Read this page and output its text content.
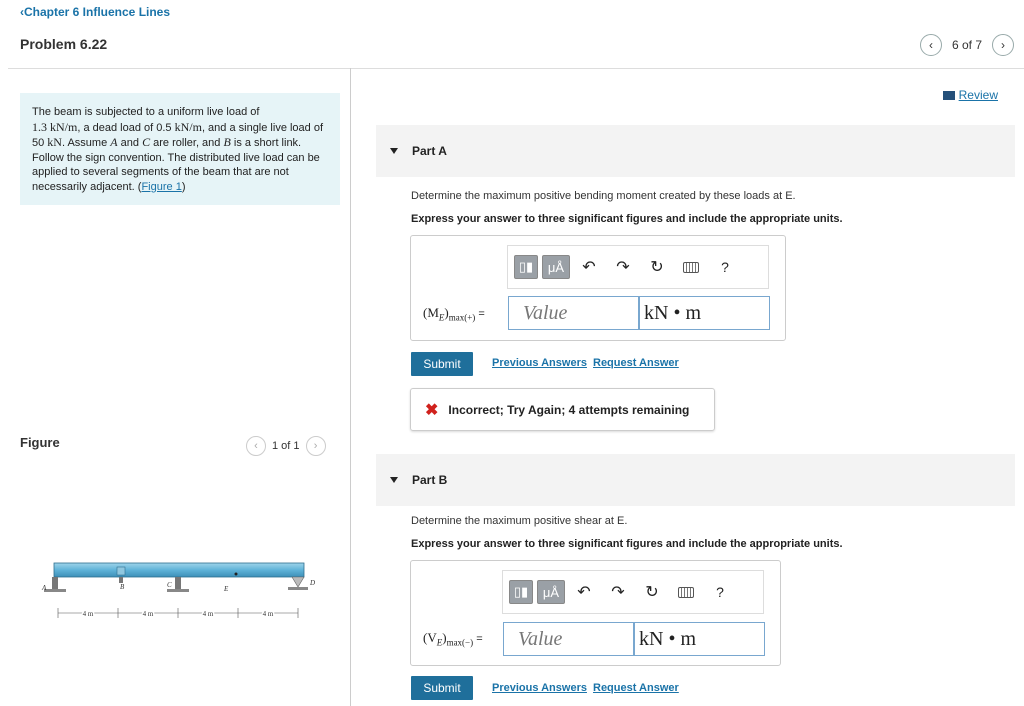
‹Chapter 6 Influence Lines
Problem 6.22	‹ 6 of 7 ›
The beam is subjected to a uniform live load of
1.3 kN/m, a dead load of 0.5 kN/m, and a single live load of 50 kN. Assume A and C are roller, and B is a short link. Follow the sign convention. The distributed live load can be applied to several segments of the beam that are not necessarily adjacent. (Figure 1)
Figure	‹ 1 of 1 ›
A	B	C	E
D
4 m	4 m	4 m	4 m
Review
Part A
Determine the maximum positive bending moment created by these loads at E.
Express your answer to three significant figures and include the appropriate units.
▯▮	μÅ	↶	↷	↻	?
$(M_E)_{max(+)}$ =	Value	kN • m
Submit	Previous Answers Request Answer
✖ Incorrect; Try Again; 4 attempts remaining
Part B
Determine the maximum positive shear at E.
Express your answer to three significant figures and include the appropriate units.
▯▮	μÅ	↶	↷	↻	?
$(V_E)_{max(-)}$ =	Value	kN • m
Submit	Previous Answers Request Answer
